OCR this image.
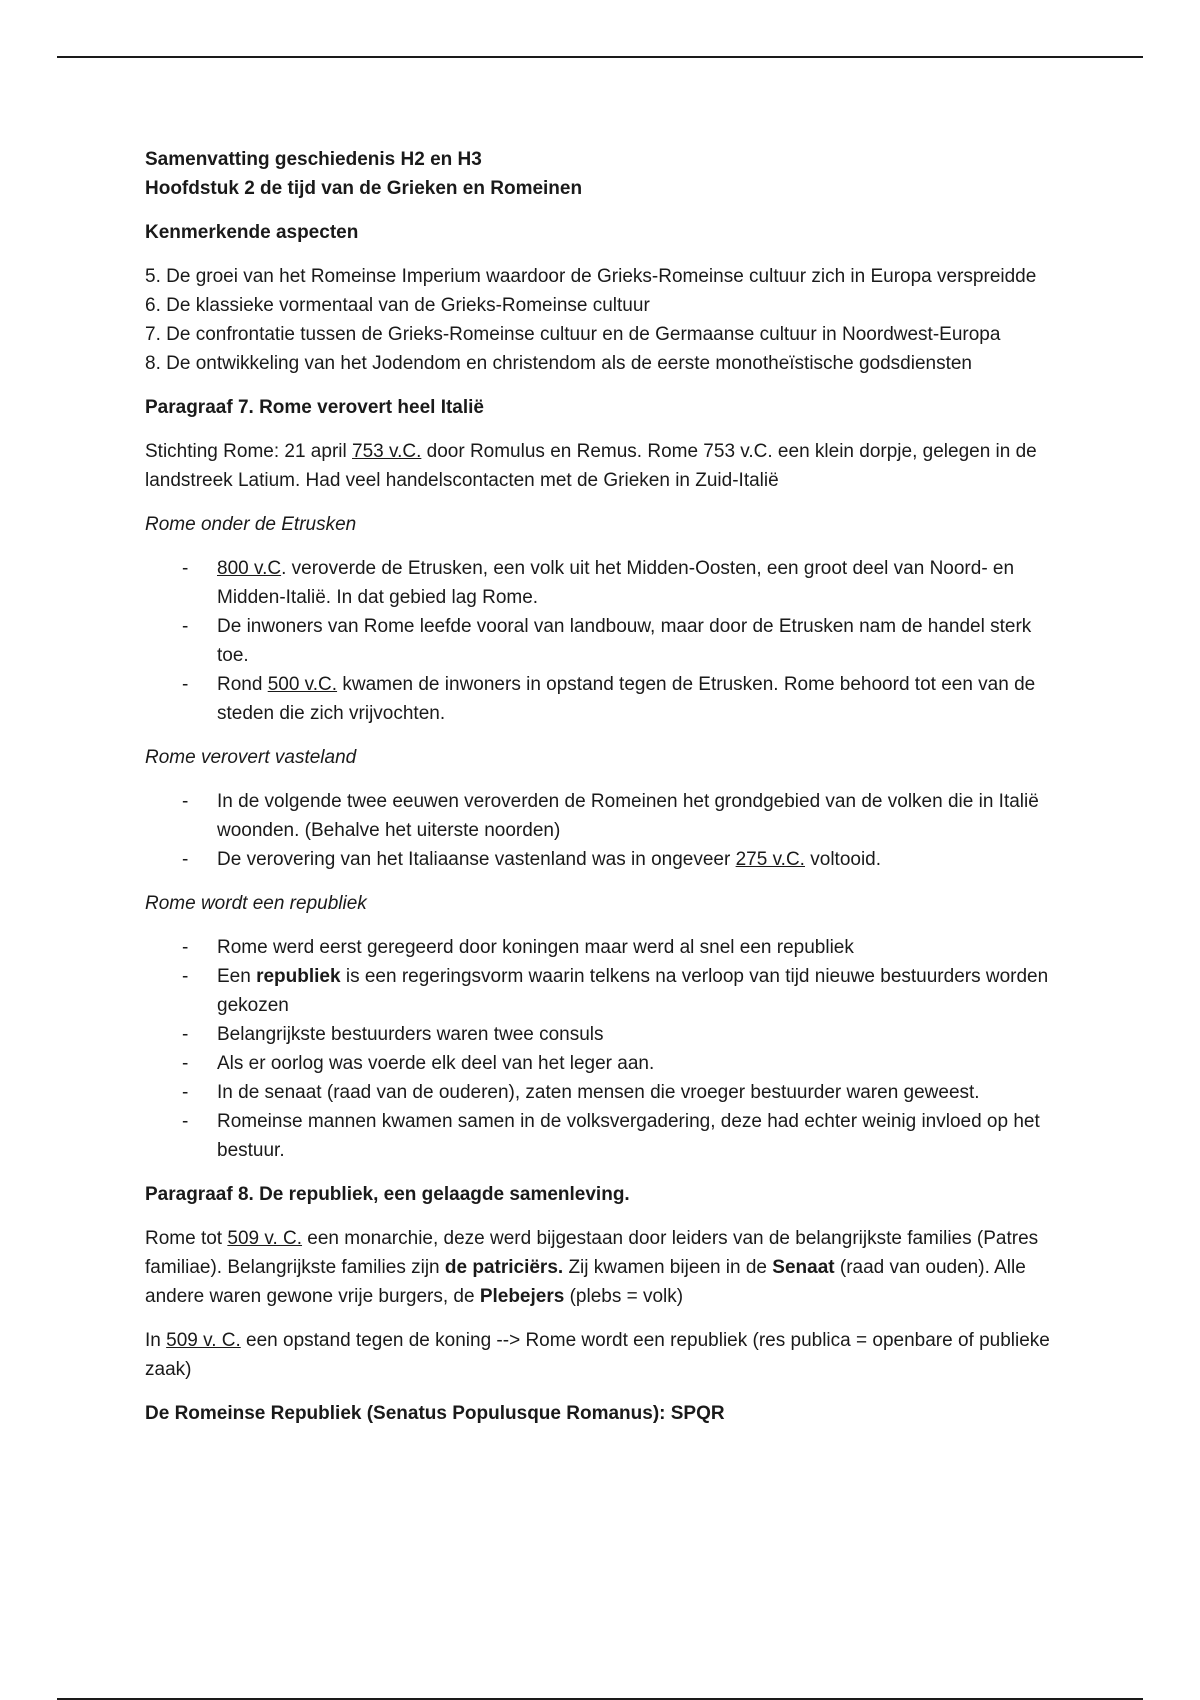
Samenvatting geschiedenis H2 en H3

Hoofdstuk 2 de tijd van de Grieken en Romeinen

Kenmerkende aspecten

5. De groei van het Romeinse Imperium waardoor de Grieks-Romeinse cultuur zich in Europa verspreidde

6. De klassieke vormentaal van de Grieks-Romeinse cultuur

7. De confrontatie tussen de Grieks-Romeinse cultuur en de Germaanse cultuur in Noordwest-Europa

8. De ontwikkeling van het Jodendom en christendom als de eerste monotheïstische godsdiensten

Paragraaf 7. Rome verovert heel Italië

Stichting Rome: 21 april 753 v.C. door Romulus en Remus. Rome 753 v.C. een klein dorpje, gelegen in de landstreek Latium. Had veel handelscontacten met de Grieken in Zuid-Italië

Rome onder de Etrusken

- 800 v.C. veroverde de Etrusken, een volk uit het Midden-Oosten, een groot deel van Noord- en Midden-Italië. In dat gebied lag Rome.
- De inwoners van Rome leefde vooral van landbouw, maar door de Etrusken nam de handel sterk toe.
- Rond 500 v.C. kwamen de inwoners in opstand tegen de Etrusken. Rome behoord tot een van de steden die zich vrijvochten.

Rome verovert vasteland

- In de volgende twee eeuwen veroverden de Romeinen het grondgebied van de volken die in Italië woonden. (Behalve het uiterste noorden)
- De verovering van het Italiaanse vastenland was in ongeveer 275 v.C. voltooid.

Rome wordt een republiek

- Rome werd eerst geregeerd door koningen maar werd al snel een republiek
- Een republiek is een regeringsvorm waarin telkens na verloop van tijd nieuwe bestuurders worden gekozen
- Belangrijkste bestuurders waren twee consuls
- Als er oorlog was voerde elk deel van het leger aan.
- In de senaat (raad van de ouderen), zaten mensen die vroeger bestuurder waren geweest.
- Romeinse mannen kwamen samen in de volksvergadering, deze had echter weinig invloed op het bestuur.

Paragraaf 8. De republiek, een gelaagde samenleving.

Rome tot 509 v. C. een monarchie, deze werd bijgestaan door leiders van de belangrijkste families (Patres familiae). Belangrijkste families zijn de patriciërs. Zij kwamen bijeen in de Senaat (raad van ouden). Alle andere waren gewone vrije burgers, de Plebejers (plebs = volk)

In 509 v. C. een opstand tegen de koning --> Rome wordt een republiek (res publica = openbare of publieke zaak)

De Romeinse Republiek (Senatus Populusque Romanus): SPQR
